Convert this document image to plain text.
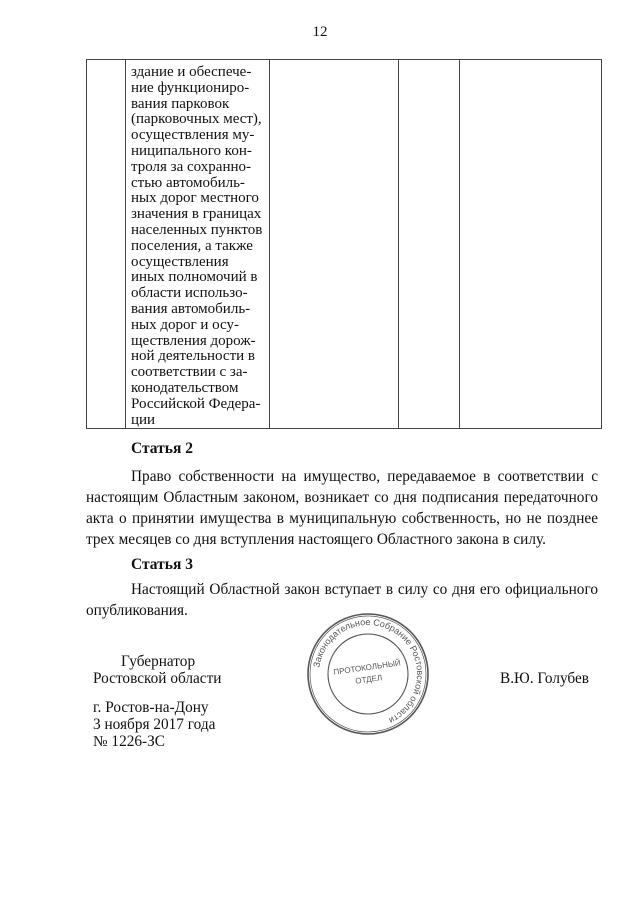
12

здание и обеспече-
ние функциониро-
вания парковок
(парковочных мест),
осуществления му-
ниципального кон-
троля за сохранно-
стью автомобиль-
ных дорог местного
значения в границах
населенных пунктов
поселения, а также
осуществления
иных полномочий в
области использо-
вания автомобиль-
ных дорог и осу-
ществления дорож-
ной деятельности в
соответствии с за-
конодательством
Российской Федера-
ции

Статья 2
Право собственности на имущество, передаваемое в соответствии с настоящим Областным законом, возникает со дня подписания передаточного акта о принятии имущества в муниципальную собственность, но не позднее трех месяцев со дня вступления настоящего Областного закона в силу.
Статья 3
Настоящий Областной закон вступает в силу со дня его официального опубликования.
Губернатор
Ростовской области	В.Ю. Голубев
г. Ростов-на-Дону
3 ноября 2017 года
№ 1226-ЗС
Законодательное Собрание Ростовской области
ПРОТОКОЛЬНЫЙ
ОТДЕЛ
